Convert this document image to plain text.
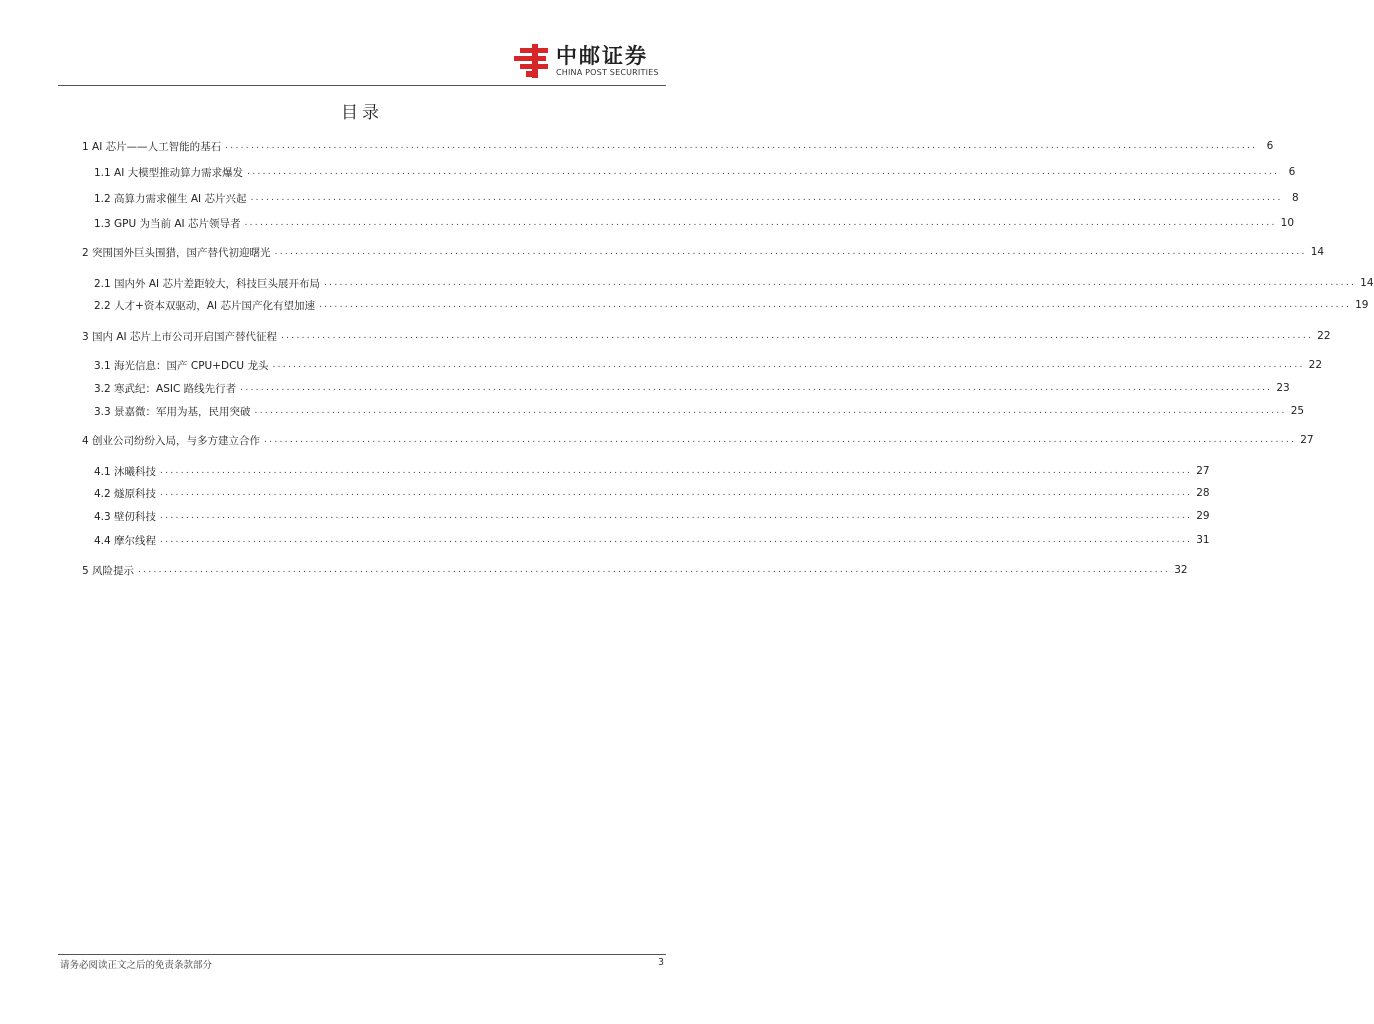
中邮证券
CHINA POST SECURITIES
目录
1 AI 芯片——人工智能的基石 ........................................................................................................................................................................................................ 6
1.1 AI 大模型推动算力需求爆发 ........................................................................................................................................................................................................ 6
1.2 高算力需求催生 AI 芯片兴起 ........................................................................................................................................................................................................ 8
1.3 GPU 为当前 AI 芯片领导者 ........................................................................................................................................................................................................ 10
2 突围国外巨头围猎，国产替代初迎曙光 ........................................................................................................................................................................................................ 14
2.1 国内外 AI 芯片差距较大，科技巨头展开布局 ........................................................................................................................................................................................................ 14
2.2 人才+资本双驱动，AI 芯片国产化有望加速 ........................................................................................................................................................................................................ 19
3 国内 AI 芯片上市公司开启国产替代征程 ........................................................................................................................................................................................................ 22
3.1 海光信息：国产 CPU+DCU 龙头 ........................................................................................................................................................................................................ 22
3.2 寒武纪：ASIC 路线先行者 ........................................................................................................................................................................................................ 23
3.3 景嘉微：军用为基，民用突破 ........................................................................................................................................................................................................ 25
4 创业公司纷纷入局，与多方建立合作 ........................................................................................................................................................................................................ 27
4.1 沐曦科技 ........................................................................................................................................................................................................ 27
4.2 燧原科技 ........................................................................................................................................................................................................ 28
4.3 壁仞科技 ........................................................................................................................................................................................................ 29
4.4 摩尔线程 ........................................................................................................................................................................................................ 31
5 风险提示 ........................................................................................................................................................................................................ 32
请务必阅读正文之后的免责条款部分	3
